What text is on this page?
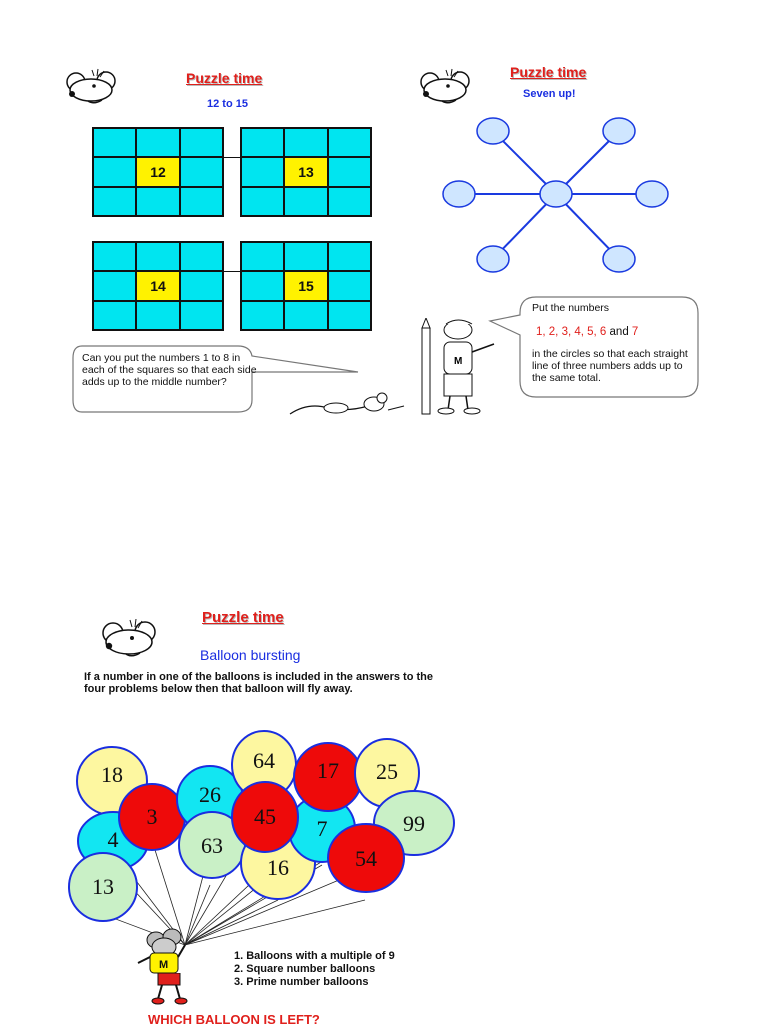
Puzzle time
12 to 15
12	13
14	15
Can you put the numbers 1 to 8 in each of the squares so that each side adds up to the middle number?
Puzzle time
Seven up!
M
Put the numbers
1, 2, 3, 4, 5, 6 and 7
in the circles so that each straight line of three numbers adds up to the same total.
Puzzle time
Balloon bursting
If a number in one of the balloons is included in the answers to the four problems below then that balloon will fly away.
18
3
4
13
26
63
64
45
16
17
7
25
99
54
M
1. Balloons with a multiple of 9
2. Square number balloons
3. Prime number balloons
WHICH BALLOON IS LEFT?
